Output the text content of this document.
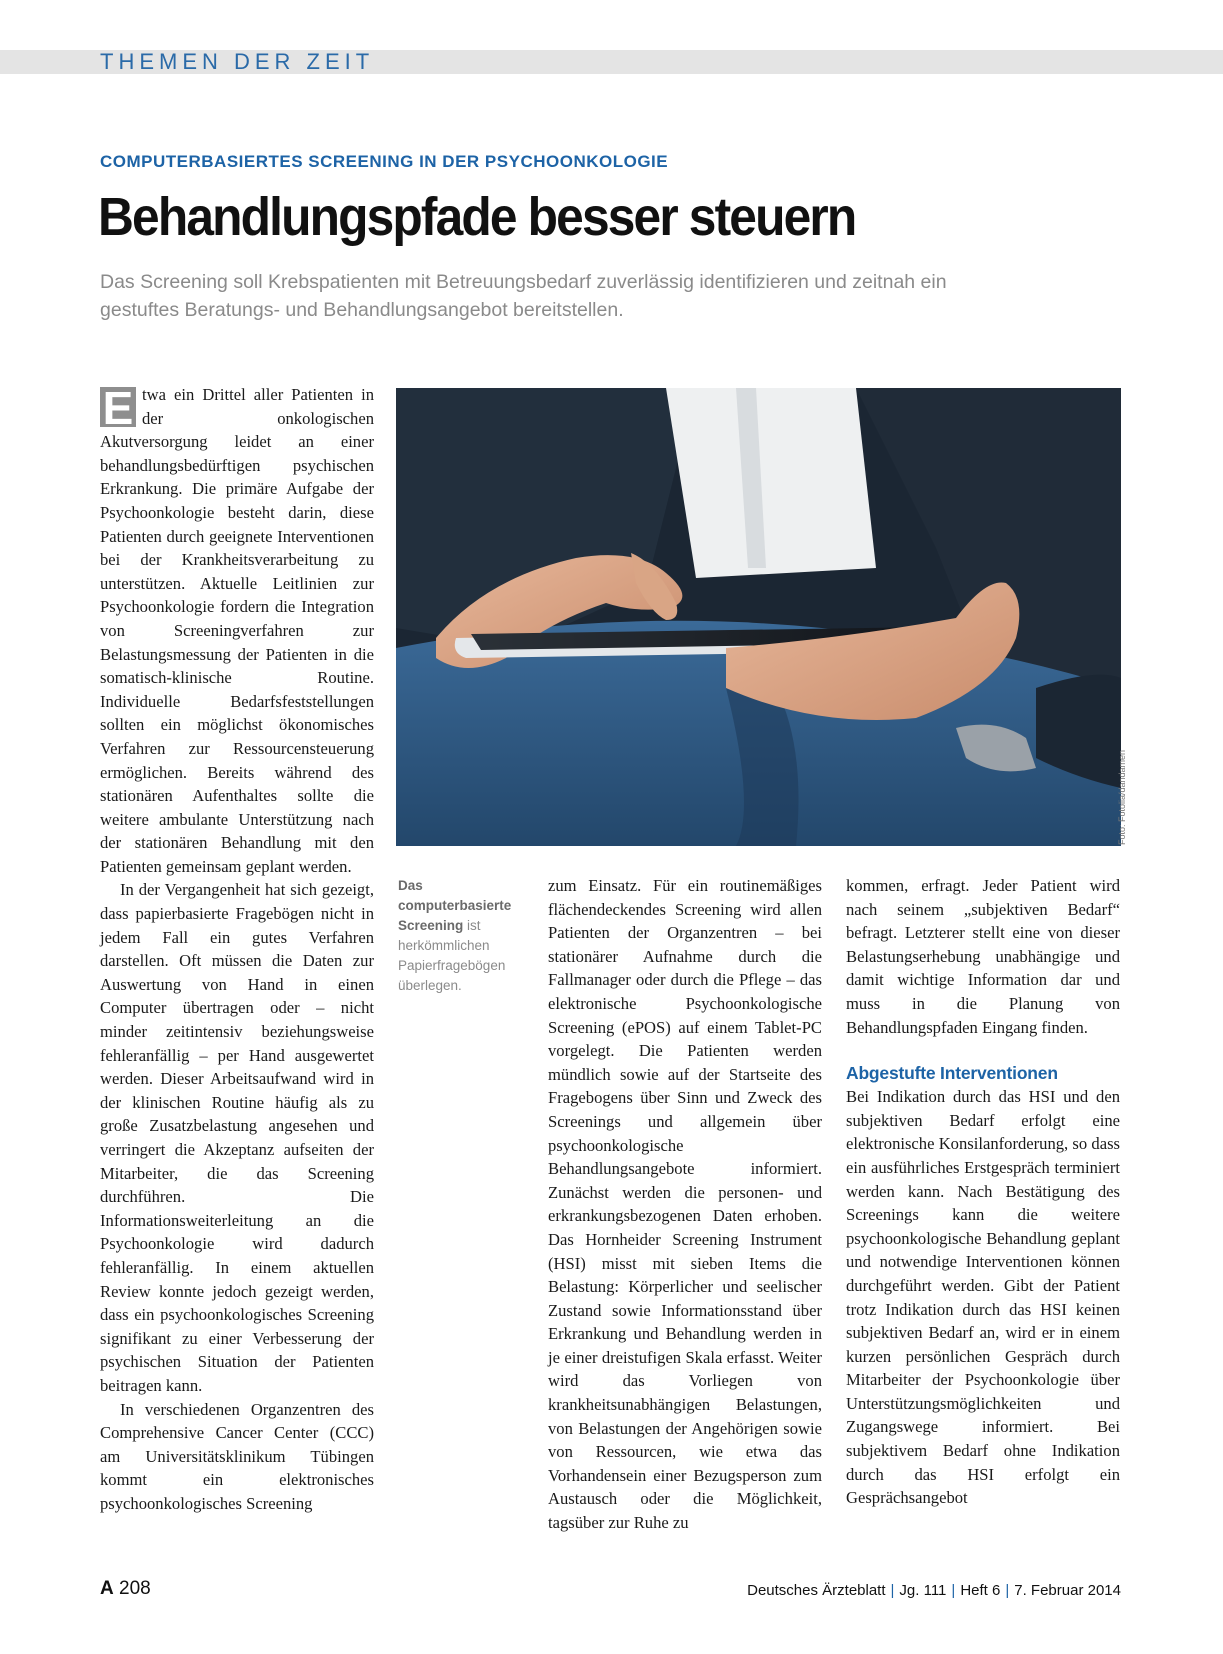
THEMEN DER ZEIT
COMPUTERBASIERTES SCREENING IN DER PSYCHOONKOLOGIE
Behandlungspfade besser steuern
Das Screening soll Krebspatienten mit Betreuungsbedarf zuverlässig identifizieren und zeitnah ein gestuftes Beratungs- und Behandlungsangebot bereitstellen.

E twa ein Drittel aller Patienten in der onkologischen Akutversorgung leidet an einer behandlungsbedürftigen psychischen Erkrankung. Die primäre Aufgabe der Psychoonkologie besteht darin, diese Patienten durch geeignete Interventionen bei der Krankheitsverarbeitung zu unterstützen. Aktuelle Leitlinien zur Psychoonkologie fordern die Integration von Screeningverfahren zur Belastungsmessung der Patienten in die somatisch-klinische Routine. Individuelle Bedarfsfeststellungen sollten ein möglichst ökonomisches Verfahren zur Ressourcensteuerung ermöglichen. Bereits während des stationären Aufenthaltes sollte die weitere ambulante Unterstützung nach der stationären Behandlung mit den Patienten gemeinsam geplant werden.

In der Vergangenheit hat sich gezeigt, dass papierbasierte Fragebögen nicht in jedem Fall ein gutes Verfahren darstellen. Oft müssen die Daten zur Auswertung von Hand in einen Computer übertragen oder – nicht minder zeitintensiv beziehungsweise fehleranfällig – per Hand ausgewertet werden. Dieser Arbeitsaufwand wird in der klinischen Routine häufig als zu große Zusatzbelastung angesehen und verringert die Akzeptanz aufseiten der Mitarbeiter, die das Screening durchführen. Die Informationsweiterleitung an die Psychoonkologie wird dadurch fehleranfällig. In einem aktuellen Review konnte jedoch gezeigt werden, dass ein psychoonkologisches Screening signifikant zu einer Verbesserung der psychischen Situation der Patienten beitragen kann.

In verschiedenen Organzentren des Comprehensive Cancer Center (CCC) am Universitätsklinikum Tübingen kommt ein elektronisches psychoonkologisches Screening

Foto: Fotolia/dandamen
Das computerbasierte Screening ist herkömmlichen Papierfragebögen überlegen.

zum Einsatz. Für ein routinemäßiges flächendeckendes Screening wird allen Patienten der Organzentren – bei stationärer Aufnahme durch die Fallmanager oder durch die Pflege – das elektronische Psychoonkologische Screening (ePOS) auf einem Tablet-PC vorgelegt. Die Patienten werden mündlich sowie auf der Startseite des Fragebogens über Sinn und Zweck des Screenings und allgemein über psychoonkologische Behandlungsangebote informiert. Zunächst werden die personen- und erkrankungsbezogenen Daten erhoben. Das Hornheider Screening Instrument (HSI) misst mit sieben Items die Belastung: Körperlicher und seelischer Zustand sowie Informationsstand über Erkrankung und Behandlung werden in je einer dreistufigen Skala erfasst. Weiter wird das Vorliegen von krankheitsunabhängigen Belastungen, von Belastungen der Angehörigen sowie von Ressourcen, wie etwa das Vorhandensein einer Bezugsperson zum Austausch oder die Möglichkeit, tagsüber zur Ruhe zu

kommen, erfragt. Jeder Patient wird nach seinem „subjektiven Bedarf“ befragt. Letzterer stellt eine von dieser Belastungserhebung unabhängige und damit wichtige Information dar und muss in die Planung von Behandlungspfaden Eingang finden.

Abgestufte Interventionen

Bei Indikation durch das HSI und den subjektiven Bedarf erfolgt eine elektronische Konsilanforderung, so dass ein ausführliches Erstgespräch terminiert werden kann. Nach Bestätigung des Screenings kann die weitere psychoonkologische Behandlung geplant und notwendige Interventionen können durchgeführt werden. Gibt der Patient trotz Indikation durch das HSI keinen subjektiven Bedarf an, wird er in einem kurzen persönlichen Gespräch durch Mitarbeiter der Psychoonkologie über Unterstützungsmöglichkeiten und Zugangswege informiert. Bei subjektivem Bedarf ohne Indikation durch das HSI erfolgt ein Gesprächsangebot

A 208	Deutsches Ärzteblatt | Jg. 111 | Heft 6 | 7. Februar 2014
